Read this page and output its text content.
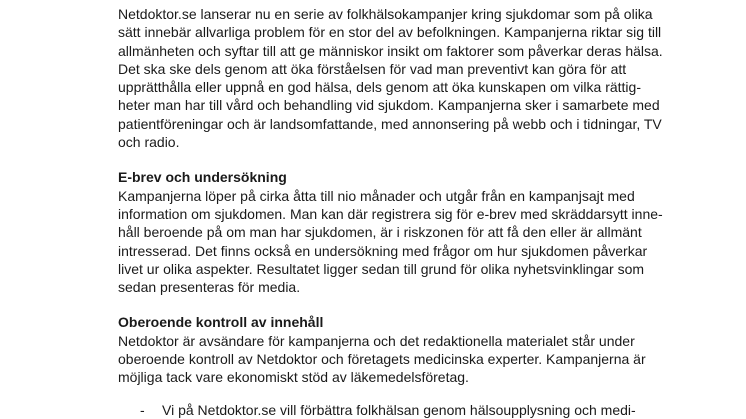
Netdoktor.se lanserar nu en serie av folkhälsokampanjer kring sjukdomar som på olika
sätt innebär allvarliga problem för en stor del av befolkningen. Kampanjerna riktar sig till
allmänheten och syftar till att ge människor insikt om faktorer som påverkar deras hälsa.
Det ska ske dels genom att öka förståelsen för vad man preventivt kan göra för att
upprätthålla eller uppnå en god hälsa, dels genom att öka kunskapen om vilka rättig-
heter man har till vård och behandling vid sjukdom. Kampanjerna sker i samarbete med
patientföreningar och är landsomfattande, med annonsering på webb och i tidningar, TV
och radio.
E-brev och undersökning
Kampanjerna löper på cirka åtta till nio månader och utgår från en kampanjsajt med
information om sjukdomen. Man kan där registrera sig för e-brev med skräddarsytt inne-
håll beroende på om man har sjukdomen, är i riskzonen för att få den eller är allmänt
intresserad. Det finns också en undersökning med frågor om hur sjukdomen påverkar
livet ur olika aspekter. Resultatet ligger sedan till grund för olika nyhetsvinklingar som
sedan presenteras för media.
Oberoende kontroll av innehåll
Netdoktor är avsändare för kampanjerna och det redaktionella materialet står under
oberoende kontroll av Netdoktor och företagets medicinska experter. Kampanjerna är
möjliga tack vare ekonomiskt stöd av läkemedelsföretag.
-	Vi på Netdoktor.se vill förbättra folkhälsan genom hälsoupplysning och medi-
